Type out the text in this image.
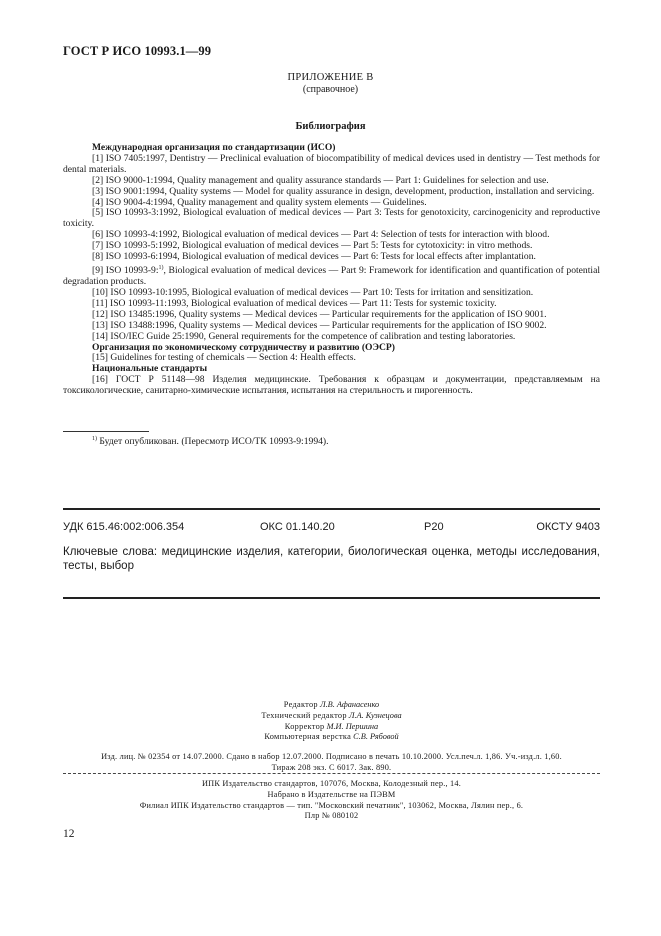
ГОСТ Р ИСО 10993.1—99
ПРИЛОЖЕНИЕ В
(справочное)
Библиография

Международная организация по стандартизации (ИСО)

[1] ISO 7405:1997, Dentistry — Preclinical evaluation of biocompatibility of medical devices used in dentistry — Test methods for dental materials.

[2] ISO 9000-1:1994, Quality management and quality assurance standards — Part 1: Guidelines for selection and use.

[3] ISO 9001:1994, Quality systems — Model for quality assurance in design, development, production, installation and servicing.

[4] ISO 9004-4:1994, Quality management and quality system elements — Guidelines.

[5] ISO 10993-3:1992, Biological evaluation of medical devices — Part 3: Tests for genotoxicity, carcinogenicity and reproductive toxicity.

[6] ISO 10993-4:1992, Biological evaluation of medical devices — Part 4: Selection of tests for interaction with blood.

[7] ISO 10993-5:1992, Biological evaluation of medical devices — Part 5: Tests for cytotoxicity: in vitro methods.

[8] ISO 10993-6:1994, Biological evaluation of medical devices — Part 6: Tests for local effects after implantation.

[9] ISO 10993-9:$^{1)}$, Biological evaluation of medical devices — Part 9: Framework for identification and quantification of potential degradation products.

[10] ISO 10993-10:1995, Biological evaluation of medical devices — Part 10: Tests for irritation and sensitization.

[11] ISO 10993-11:1993, Biological evaluation of medical devices — Part 11: Tests for systemic toxicity.

[12] ISO 13485:1996, Quality systems — Medical devices — Particular requirements for the application of ISO 9001.

[13] ISO 13488:1996, Quality systems — Medical devices — Particular requirements for the application of ISO 9002.

[14] ISO/IEC Guide 25:1990, General requirements for the competence of calibration and testing laboratories.

Организация по экономическому сотрудничеству и развитию (ОЭСР)

[15] Guidelines for testing of chemicals — Section 4: Health effects.

Национальные стандарты

[16] ГОСТ Р 51148—98 Изделия медицинские. Требования к образцам и документации, представляемым на токсикологические, санитарно-химические испытания, испытания на стерильность и пирогенность.

$^{1)}$ Будет опубликован. (Пересмотр ИСО/ТК 10993-9:1994).
УДК 615.46:002:006.354	ОКС 01.140.20	Р20	ОКСТУ 9403
Ключевые слова: медицинские изделия, категории, биологическая оценка, методы исследования, тесты, выбор
Редактор Л.В. Афанасенко
Технический редактор Л.А. Кузнецова
Корректор М.И. Першина
Компьютерная верстка С.В. Рябовой
Изд. лиц. № 02354 от 14.07.2000. Сдано в набор 12.07.2000. Подписано в печать 10.10.2000. Усл.печ.л. 1,86. Уч.-изд.л. 1,60.
Тираж 208 экз. С 6017. Зак. 890.
ИПК Издательство стандартов, 107076, Москва, Колодезный пер., 14.
Набрано в Издательстве на ПЭВМ
Филиал ИПК Издательство стандартов — тип. "Московский печатник", 103062, Москва, Лялин пер., 6.
Плр № 080102
12
